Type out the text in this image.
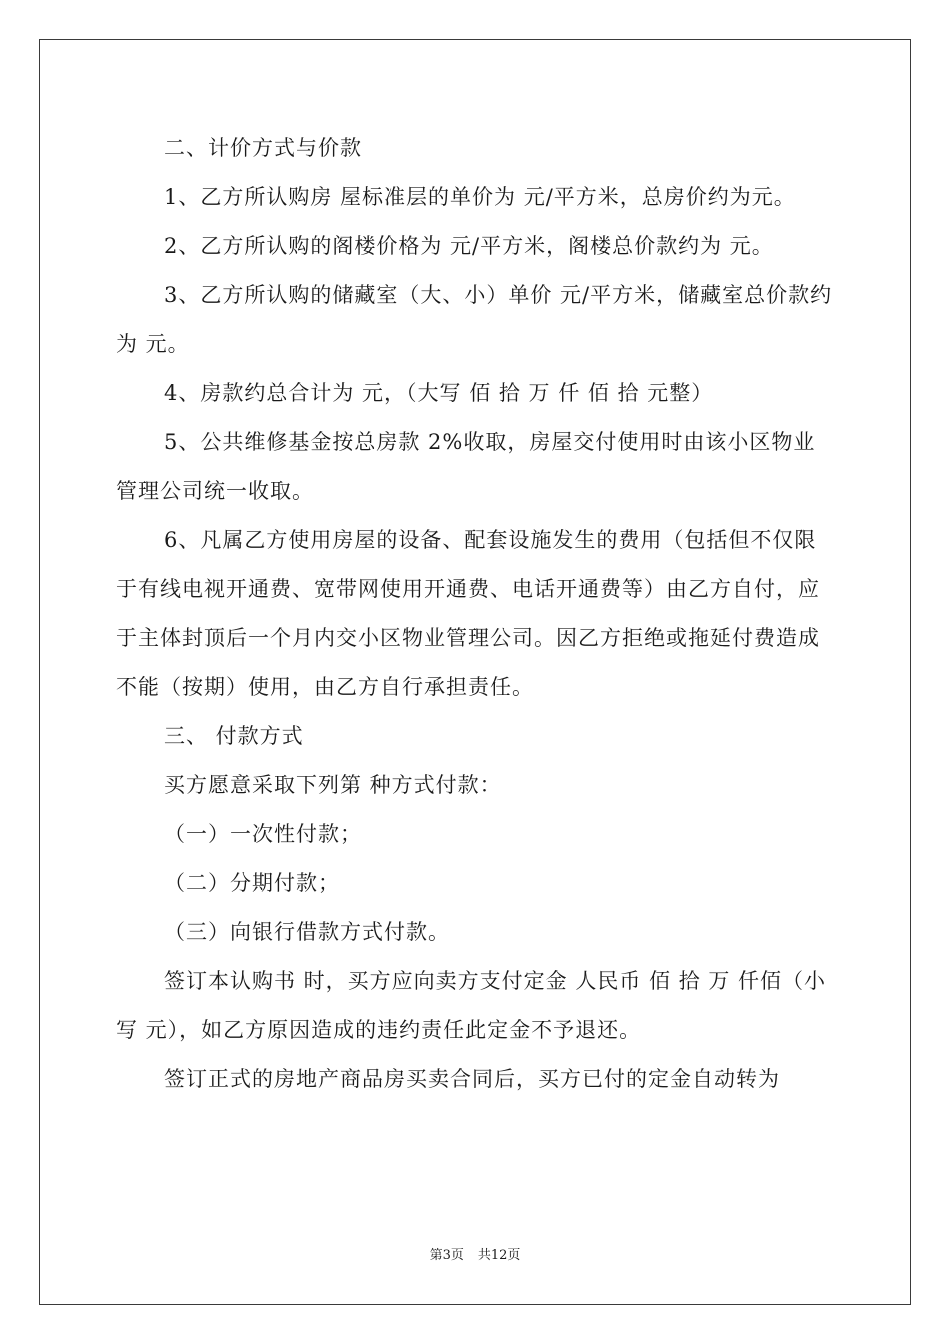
二、计价方式与价款

1、乙方所认购房 屋标准层的单价为 元/平方米，总房价约为元。

2、乙方所认购的阁楼价格为 元/平方米，阁楼总价款约为 元。

3、乙方所认购的储藏室（大、小）单价 元/平方米，储藏室总价款约为 元。

4、房款约总合计为 元，（大写 佰 拾 万 仟 佰 拾 元整）

5、公共维修基金按总房款 2%收取，房屋交付使用时由该小区物业管理公司统一收取。

6、凡属乙方使用房屋的设备、配套设施发生的费用（包括但不仅限于有线电视开通费、宽带网使用开通费、电话开通费等）由乙方自付，应于主体封顶后一个月内交小区物业管理公司。因乙方拒绝或拖延付费造成不能（按期）使用，由乙方自行承担责任。

三、 付款方式

买方愿意采取下列第 种方式付款：

（一）一次性付款；

（二）分期付款；

（三）向银行借款方式付款。

签订本认购书 时，买方应向卖方支付定金 人民币 佰 拾 万 仟佰（小写 元），如乙方原因造成的违约责任此定金不予退还。

签订正式的房地产商品房买卖合同后，买方已付的定金自动转为

第3页 共12页
